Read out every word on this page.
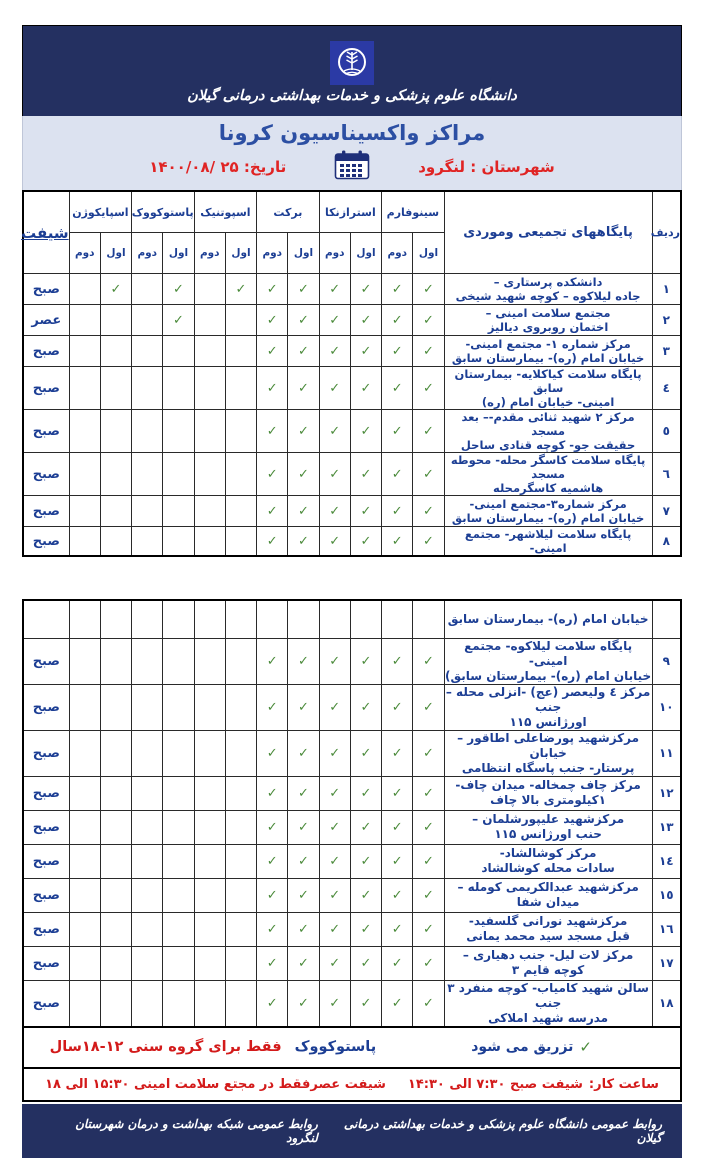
دانشگاه علوم پزشکی و خدمات بهداشتی درمانی گیلان
مراکز واکسیناسیون کرونا
شهرستان : لنگرود
تاریخ: ۲۵ /۱۴۰۰/۰۸
ردیف	پایگاههای تجمیعی وموردی	سینوفارم		استرازنکا		برکت		اسپوتنیک		پاستوکووک		اسپایکوژن		شیفت
		اول	دوم	اول	دوم	اول	دوم	اول	دوم	اول	دوم	اول	دوم	
۱	دانشکده پرستاری –
جاده لیلاکوه – کوچه شهید شیخی	✓	✓	✓	✓	✓	✓	✓		✓		✓		صبح
۲	مجتمع سلامت امینی –
اختمان روبروی دیالیز	✓	✓	✓	✓	✓	✓			✓				عصر
۳	مرکز شماره ۱- مجتمع امینی-
خیابان امام (ره)- بیمارستان سابق	✓	✓	✓	✓	✓	✓							صبح
٤	پایگاه سلامت کیاکلایه- بیمارستان سابق
امینی- خیابان امام (ره)	✓	✓	✓	✓	✓	✓							صبح
٥	مرکز ۲ شهید ثنائی مقدم-– بعد مسجد
حقیقت جو- کوچه قنادی ساحل	✓	✓	✓	✓	✓	✓							صبح
٦	پایگاه سلامت کاسگر محله- محوطه مسجد
هاشمیه کاسگرمحله	✓	✓	✓	✓	✓	✓							صبح
۷	مرکز شماره۳-مجتمع امینی-
خیابان امام (ره)- بیمارستان سابق	✓	✓	✓	✓	✓	✓							صبح
۸	پایگاه سلامت لیلاشهر- مجتمع امینی-	✓	✓	✓	✓	✓	✓							صبح

	خیابان امام (ره)- بیمارستان سابق													

۹	پایگاه سلامت لیلاکوه- مجتمع امینی-
خیابان امام (ره)- بیمارستان سابق)	✓	✓	✓	✓	✓	✓							صبح
۱۰	مرکز ٤ ولیعصر (عج) -انزلی محله – جنب
اورژانس ۱۱۵	✓	✓	✓	✓	✓	✓							صبح
۱۱	مرکزشهید پورضاعلی اطاقور –خیابان
پرستار- جنب پاسگاه انتظامی	✓	✓	✓	✓	✓	✓							صبح
۱۲	مرکز چاف چمخاله- میدان چاف-
۱کیلومتری بالا چاف	✓	✓	✓	✓	✓	✓							صبح
۱۳	مرکزشهید علیپورشلمان –
حنب اورژانس ۱۱۵	✓	✓	✓	✓	✓	✓							صبح
۱٤	مرکز کوشالشاد-
سادات محله کوشالشاد	✓	✓	✓	✓	✓	✓							صبح
۱٥	مرکزشهید عبدالکریمی کومله –
میدان شفا	✓	✓	✓	✓	✓	✓							صبح
۱٦	مرکزشهید نورانی گلسفید-
قبل مسجد سید محمد یمانی	✓	✓	✓	✓	✓	✓							صبح
۱۷	مرکز لات لیل- جنب دهیاری –
کوچه قایم ۳	✓	✓	✓	✓	✓	✓							صبح
۱۸	سالن شهید کامیاب- کوچه منفرد ۳ جنب
مدرسه شهید املاکی	✓	✓	✓	✓	✓	✓							صبح
✓
تزریق می شود
پاستوکووک فقط برای گروه سنی ۱۲-۱۸سال
ساعت کار:
شیفت صبح ۷:۳۰ الی ۱۴:۳۰
شیفت عصرفقط در مجتع سلامت امینی ۱۵:۳۰ الی ۱۸
روابط عمومی دانشگاه علوم پزشکی و خدمات بهداشتی درمانی گیلان
روابط عمومی شبکه بهداشت و درمان شهرستان لنگرود
